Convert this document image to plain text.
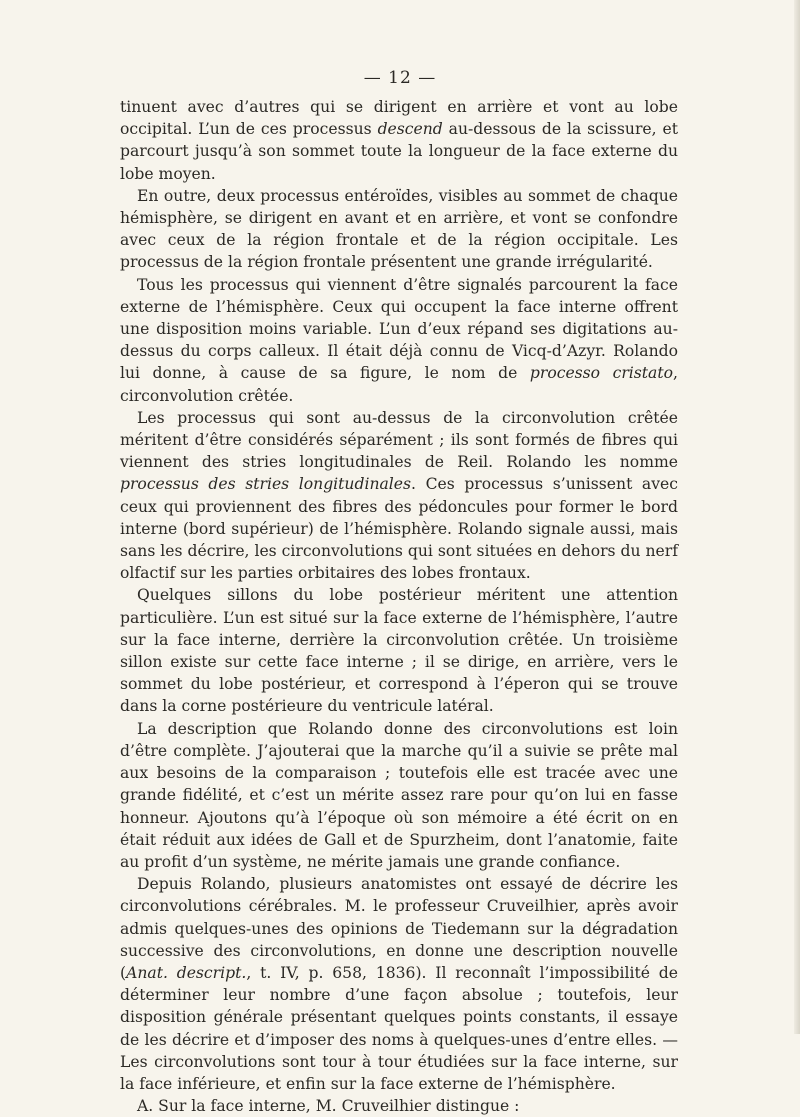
— 12 —

tinuent avec d’autres qui se dirigent en arrière et vont au lobe occipital. L’un de ces processus descend au-dessous de la scissure, et parcourt jusqu’à son sommet toute la longueur de la face externe du lobe moyen.

En outre, deux processus entéroïdes, visibles au sommet de chaque hémisphère, se dirigent en avant et en arrière, et vont se confondre avec ceux de la région frontale et de la région occipitale. Les processus de la région frontale présentent une grande irrégularité.

Tous les processus qui viennent d’être signalés parcourent la face externe de l’hémisphère. Ceux qui occupent la face interne offrent une disposition moins variable. L’un d’eux répand ses digitations au-dessus du corps calleux. Il était déjà connu de Vicq-d’Azyr. Rolando lui donne, à cause de sa figure, le nom de processo cristato, circonvolution crêtée.

Les processus qui sont au-dessus de la circonvolution crêtée méritent d’être considérés séparément ; ils sont formés de fibres qui viennent des stries longitudinales de Reil. Rolando les nomme processus des stries longitudinales. Ces processus s’unissent avec ceux qui proviennent des fibres des pédoncules pour former le bord interne (bord supérieur) de l’hémisphère. Rolando signale aussi, mais sans les décrire, les circonvolutions qui sont situées en dehors du nerf olfactif sur les parties orbitaires des lobes frontaux.

Quelques sillons du lobe postérieur méritent une attention particulière. L’un est situé sur la face externe de l’hémisphère, l’autre sur la face interne, derrière la circonvolution crêtée. Un troisième sillon existe sur cette face interne ; il se dirige, en arrière, vers le sommet du lobe postérieur, et correspond à l’éperon qui se trouve dans la corne postérieure du ventricule latéral.

La description que Rolando donne des circonvolutions est loin d’être complète. J’ajouterai que la marche qu’il a suivie se prête mal aux besoins de la comparaison ; toutefois elle est tracée avec une grande fidélité, et c’est un mérite assez rare pour qu’on lui en fasse honneur. Ajoutons qu’à l’époque où son mémoire a été écrit on en était réduit aux idées de Gall et de Spurzheim, dont l’anatomie, faite au profit d’un système, ne mérite jamais une grande confiance.

Depuis Rolando, plusieurs anatomistes ont essayé de décrire les circonvolutions cérébrales. M. le professeur Cruveilhier, après avoir admis quelques-unes des opinions de Tiedemann sur la dégradation successive des circonvolutions, en donne une description nouvelle (Anat. descript., t. IV, p. 658, 1836). Il reconnaît l’impossibilité de déterminer leur nombre d’une façon absolue ; toutefois, leur disposition générale présentant quelques points constants, il essaye de les décrire et d’imposer des noms à quelques-unes d’entre elles. — Les circonvolutions sont tour à tour étudiées sur la face interne, sur la face inférieure, et enfin sur la face externe de l’hémisphère.

A. Sur la face interne, M. Cruveilhier distingue :
